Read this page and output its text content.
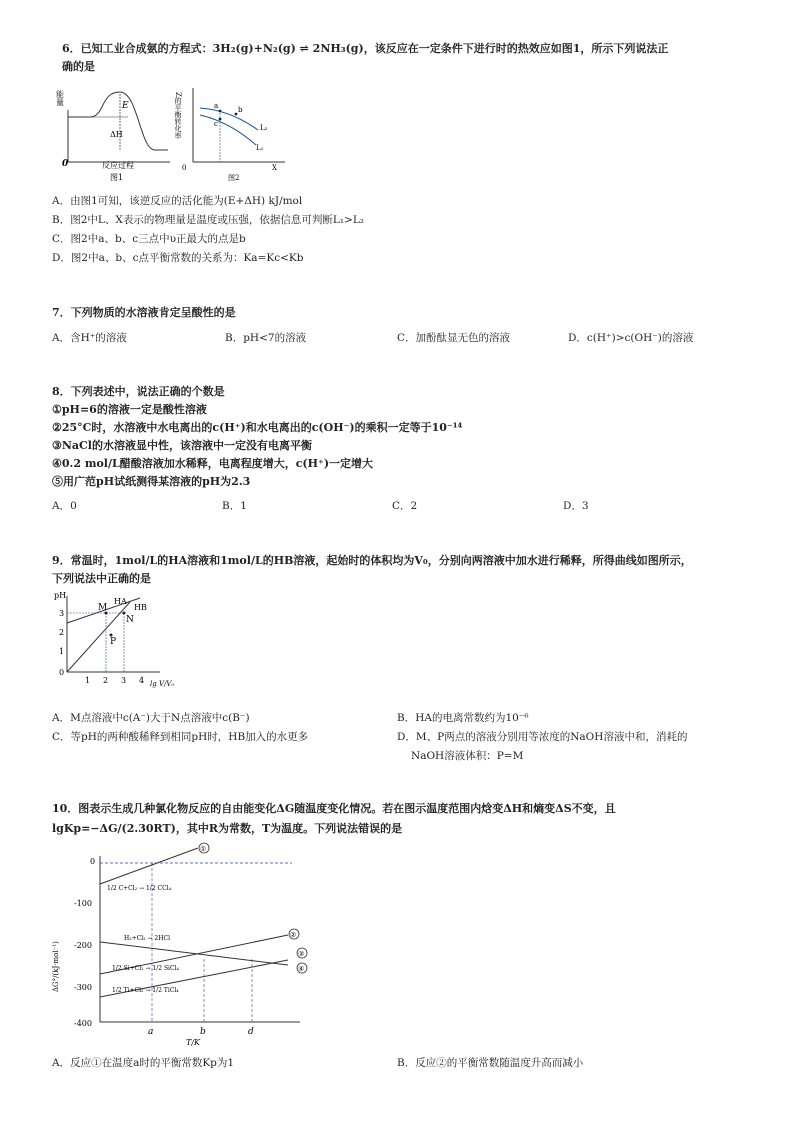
6．已知工业合成氨的方程式：3H₂(g)+N₂(g) ⇌ 2NH₃(g)，该反应在一定条件下进行时的热效应如图1，所示下列说法正
确的是
能量	E
ΔH
0	反应过程
图1
Z的平衡转化率	a	b
c	L₂
L₁
0	X
图2
A．由图1可知，该逆反应的活化能为(E+ΔH) kJ/mol
B．图2中L、X表示的物理量是温度或压强，依据信息可判断L₁>L₂
C．图2中a、b、c三点中υ正最大的点是b
D．图2中a、b、c点平衡常数的关系为：Ka=Kc<Kb
7．下列物质的水溶液肯定呈酸性的是
A．含H⁺的溶液	B．pH<7的溶液	C．加酚酞显无色的溶液	D．c(H⁺)>c(OH⁻)的溶液
8．下列表述中，说法正确的个数是
①pH=6的溶液一定是酸性溶液
②25°C时，水溶液中水电离出的c(H⁺)和水电离出的c(OH⁻)的乘积一定等于10⁻¹⁴
③NaCl的水溶液显中性，该溶液中一定没有电离平衡
④0.2 mol/L醋酸溶液加水稀释，电离程度增大，c(H⁺)一定增大
⑤用广范pH试纸测得某溶液的pH为2.3
A．0	B．1	C．2	D．3
9．常温时，1mol/L的HA溶液和1mol/L的HB溶液，起始时的体积均为V₀，分别向两溶液中加水进行稀释，所得曲线如图所示，
下列说法中正确的是
pH
0
1
2
3
1 2 3 4 lg V/V₀
M
N
P
HA
HB
A．M点溶液中c(A⁻)大于N点溶液中c(B⁻)	B．HA的电离常数约为10⁻⁶
C．等pH的两种酸稀释到相同pH时，HB加入的水更多	D．M、P两点的溶液分别用等浓度的NaOH溶液中和，消耗的
NaOH溶液体积：P=M
10．图表示生成几种氯化物反应的自由能变化ΔG随温度变化情况。若在图示温度范围内焓变ΔH和熵变ΔS不变，且
lgKp=−ΔG/(2.30RT)，其中R为常数，T为温度。下列说法错误的是
ΔG°/(kJ·mol⁻¹)
0
-100
-200
-300
-400
①
②
③
④
1/2 C+Cl₂ → 1/2 CCl₄
H₂+Cl₂ → 2HCl
1/2 Si+Cl₂ → 1/2 SiCl₄
1/2 Ti+Cl₂ → 1/2 TiCl₄
a	b	d
T/K
A．反应①在温度a时的平衡常数Kp为1	B．反应②的平衡常数随温度升高而减小
